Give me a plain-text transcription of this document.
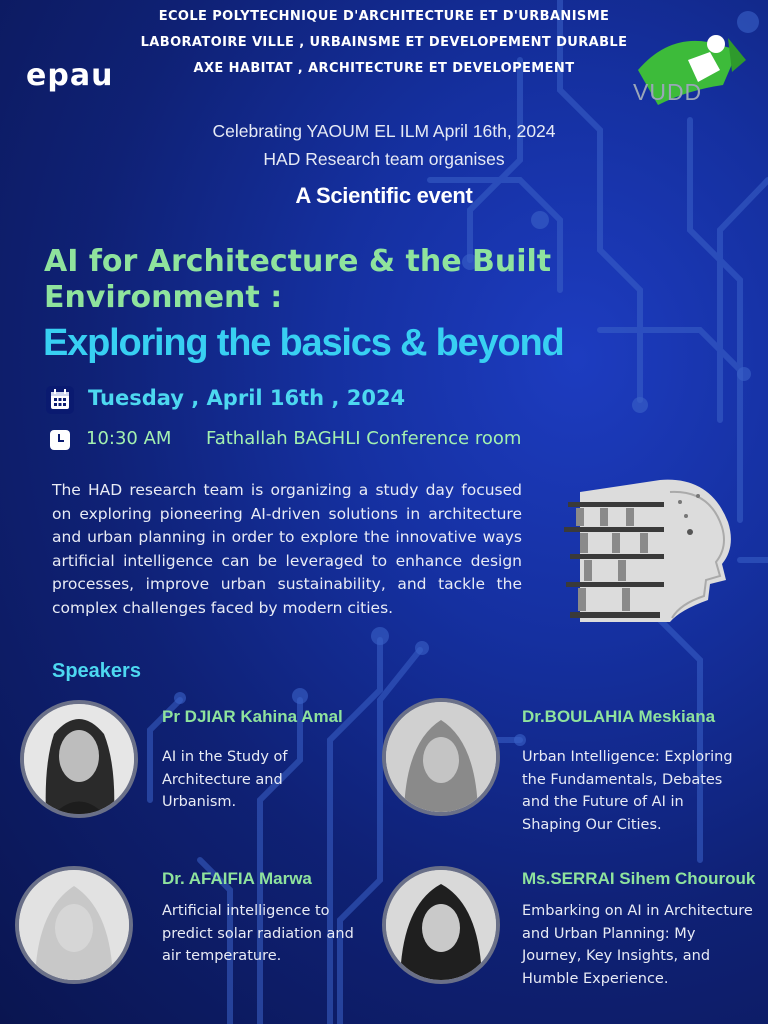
ECOLE POLYTECHNIQUE D'ARCHITECTURE ET D'URBANISME
LABORATOIRE VILLE , URBAINSME ET DEVELOPEMENT DURABLE
AXE HABITAT , ARCHITECTURE ET DEVELOPEMENT
epau	VUDD
Celebrating YAOUM EL ILM April 16th, 2024
HAD Research team organises
A Scientific event
AI for Architecture & the Built
Environment :
Exploring the basics & beyond
Tuesday , April 16th , 2024
10:30 AM Fathallah BAGHLI Conference room
The HAD research team is organizing a study day focused on exploring pioneering AI-driven solutions in architecture and urban planning in order to explore the innovative ways artificial intelligence can be leveraged to enhance design processes, improve urban sustainability, and tackle the complex challenges faced by modern cities.
Speakers
Pr DJIAR Kahina Amal
AI in the Study of Architecture and Urbanism.
Dr.BOULAHIA Meskiana
Urban Intelligence: Exploring the Fundamentals, Debates and the Future of AI in Shaping Our Cities.
Dr. AFAIFIA Marwa
Artificial intelligence to predict solar radiation and air temperature.
Ms.SERRAI Sihem Chourouk
Embarking on AI in Architecture and Urban Planning: My Journey, Key Insights, and Humble Experience.
